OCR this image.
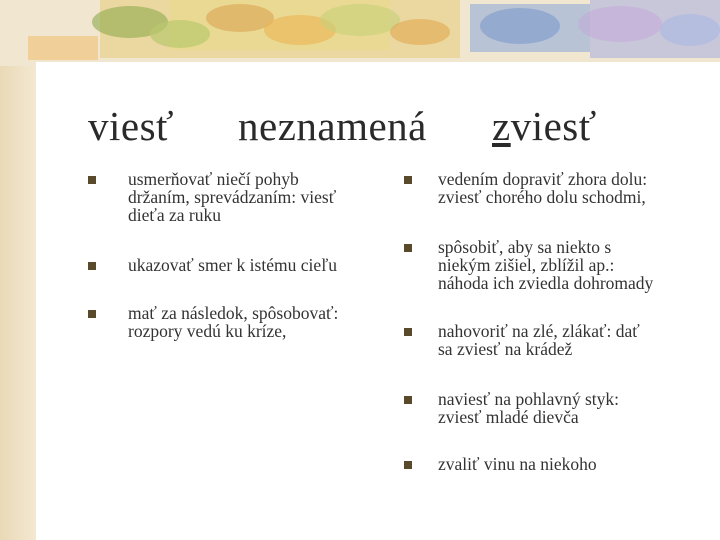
viesť neznamená zviesť
usmerňovať niečí pohyb
držaním, sprevádzaním: viesť
dieťa za ruku
ukazovať smer k istému cieľu
mať za následok, spôsobovať:
rozpory vedú ku kríze,
vedením dopraviť zhora dolu:
zviesť chorého dolu schodmi,
spôsobiť, aby sa niekto s
niekým zišiel, zblížil ap.:
náhoda ich zviedla dohromady
nahovoriť na zlé, zlákať: dať
sa zviesť na krádež
naviesť na pohlavný styk:
zviesť mladé dievča
zvaliť vinu na niekoho
